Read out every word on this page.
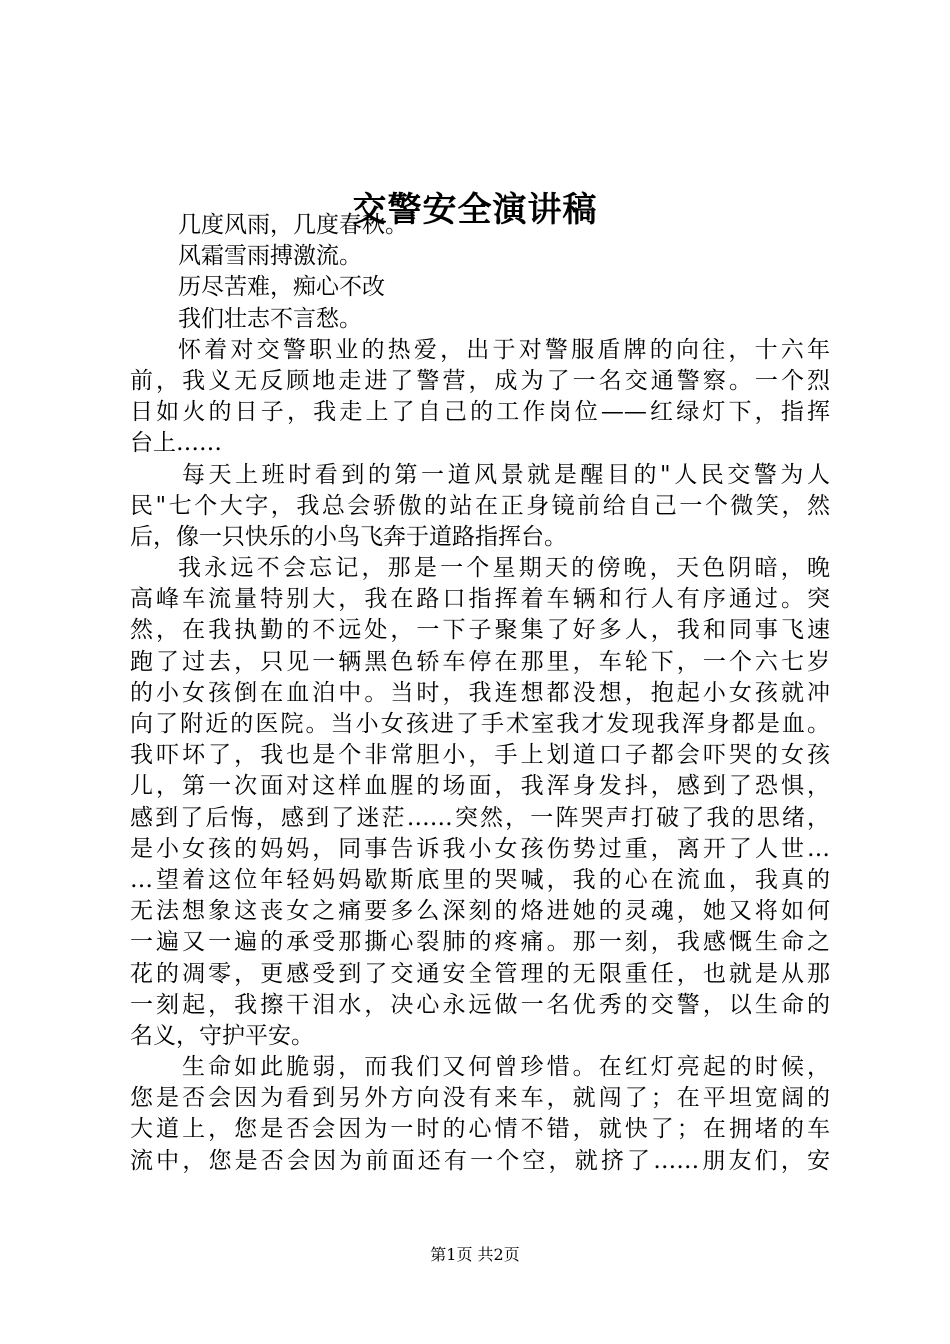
交警安全演讲稿
几度风雨，几度春秋。
风霜雪雨搏激流。
历尽苦难，痴心不改
我们壮志不言愁。
怀着对交警职业的热爱，出于对警服盾牌的向往，十六年
前，我义无反顾地走进了警营，成为了一名交通警察。一个烈
日如火的日子，我走上了自己的工作岗位——红绿灯下，指挥
台上……
每天上班时看到的第一道风景就是醒目的"人民交警为人
民"七个大字，我总会骄傲的站在正身镜前给自己一个微笑，然
后，像一只快乐的小鸟飞奔于道路指挥台。
我永远不会忘记，那是一个星期天的傍晚，天色阴暗，晚
高峰车流量特别大，我在路口指挥着车辆和行人有序通过。突
然，在我执勤的不远处，一下子聚集了好多人，我和同事飞速
跑了过去，只见一辆黑色轿车停在那里，车轮下，一个六七岁
的小女孩倒在血泊中。当时，我连想都没想，抱起小女孩就冲
向了附近的医院。当小女孩进了手术室我才发现我浑身都是血。
我吓坏了，我也是个非常胆小，手上划道口子都会吓哭的女孩
儿，第一次面对这样血腥的场面，我浑身发抖，感到了恐惧，
感到了后悔，感到了迷茫……突然，一阵哭声打破了我的思绪，
是小女孩的妈妈，同事告诉我小女孩伤势过重，离开了人世…
…望着这位年轻妈妈歇斯底里的哭喊，我的心在流血，我真的
无法想象这丧女之痛要多么深刻的烙进她的灵魂，她又将如何
一遍又一遍的承受那撕心裂肺的疼痛。那一刻，我感慨生命之
花的凋零，更感受到了交通安全管理的无限重任，也就是从那
一刻起，我擦干泪水，决心永远做一名优秀的交警，以生命的
名义，守护平安。
生命如此脆弱，而我们又何曾珍惜。在红灯亮起的时候，
您是否会因为看到另外方向没有来车，就闯了；在平坦宽阔的
大道上，您是否会因为一时的心情不错，就快了；在拥堵的车
流中，您是否会因为前面还有一个空，就挤了……朋友们，安
第1页 共2页
